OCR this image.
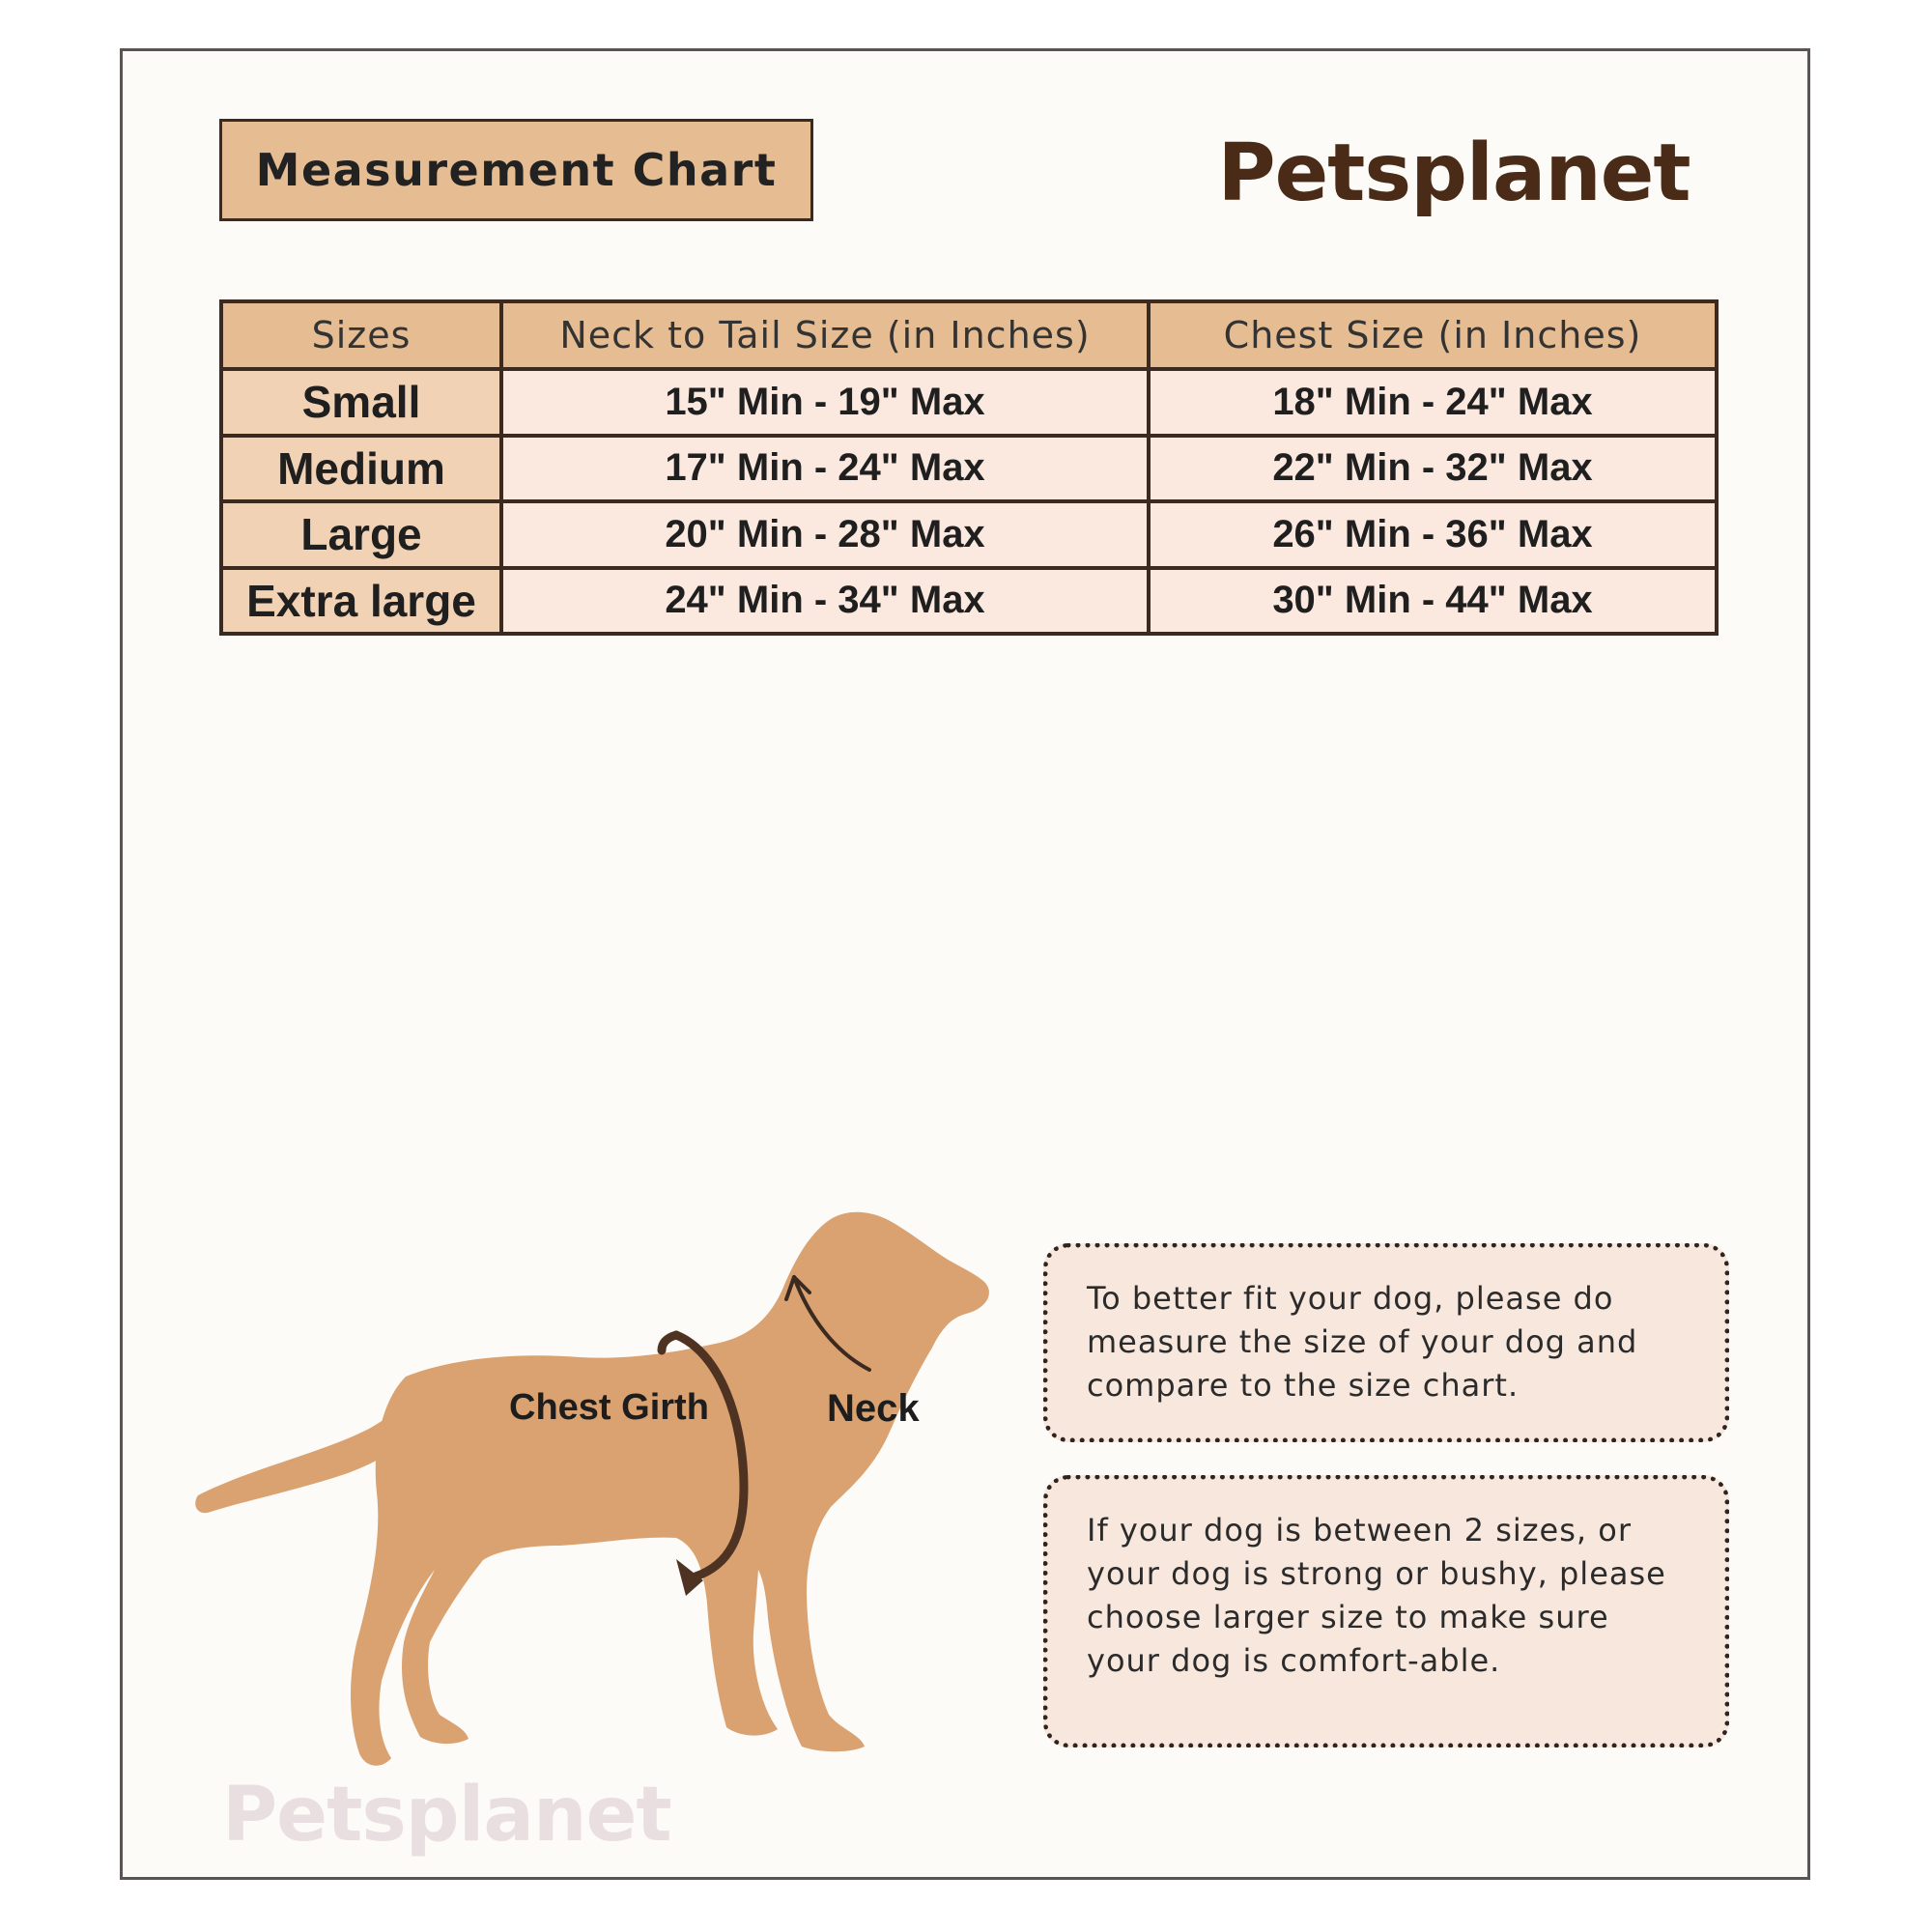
Measurement Chart	Petsplanet
Sizes	Neck to Tail Size (in Inches)	Chest Size (in Inches)
Small	15" Min - 19" Max	18" Min - 24" Max
Medium	17" Min - 24" Max	22" Min - 32" Max
Large	20" Min - 28" Max	26" Min - 36" Max
Extra large	24" Min - 34" Max	30" Min - 44" Max
Chest Girth	Neck

To better fit your dog, please do measure the size of your dog and compare to the size chart.

If your dog is between 2 sizes, or your dog is strong or bushy, please choose larger size to make sure your dog is comfort-able.

Petsplanet
